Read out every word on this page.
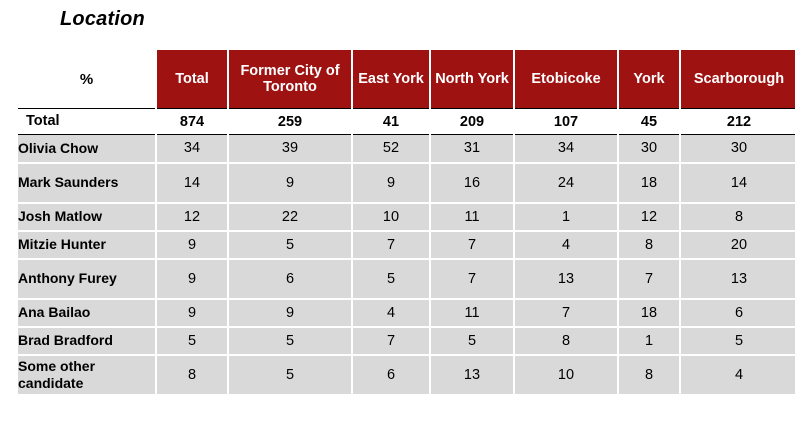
Location
%	Total	Former City of Toronto	East York	North York	Etobicoke	York	Scarborough
Total	874	259	41	209	107	45	212
Olivia Chow	34	39	52	31	34	30	30
Mark Saunders	14	9	9	16	24	18	14
Josh Matlow	12	22	10	11	1	12	8
Mitzie Hunter	9	5	7	7	4	8	20
Anthony Furey	9	6	5	7	13	7	13
Ana Bailao	9	9	4	11	7	18	6
Brad Bradford	5	5	7	5	8	1	5
Some other candidate	8	5	6	13	10	8	4
